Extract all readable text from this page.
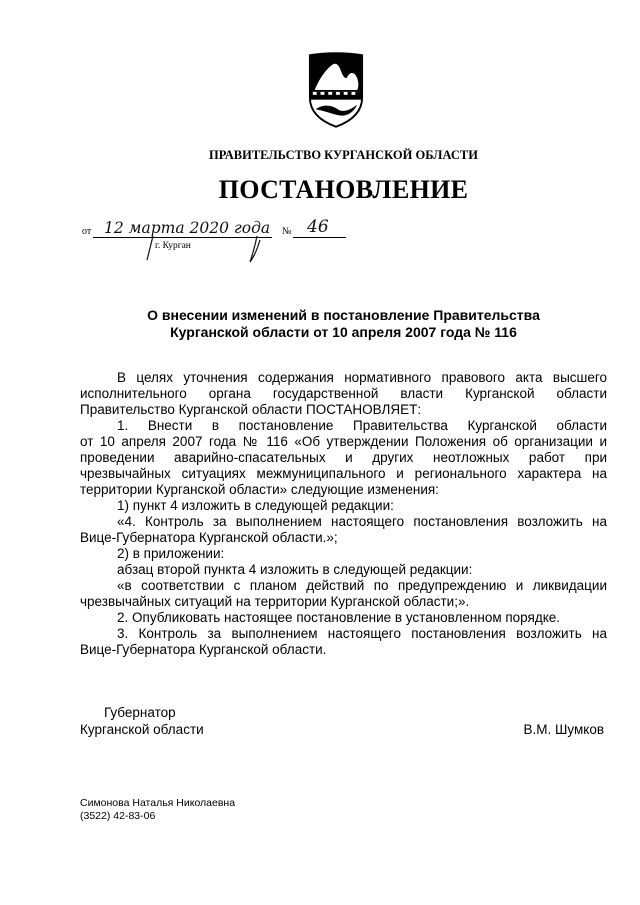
ПРАВИТЕЛЬСТВО КУРГАНСКОЙ ОБЛАСТИ
ПОСТАНОВЛЕНИЕ
от 12 марта 2020 года № 46
г. Курган
О внесении изменений в постановление Правительства
Курганской области от 10 апреля 2007 года № 116
В целях уточнения содержания нормативного правового акта высшего
исполнительного органа государственной власти Курганской области
Правительство Курганской области ПОСТАНОВЛЯЕТ:
1. Внести в постановление Правительства Курганской области
от 10 апреля 2007 года № 116 «Об утверждении Положения об организации и
проведении аварийно-спасательных и других неотложных работ при
чрезвычайных ситуациях межмуниципального и регионального характера на
территории Курганской области» следующие изменения:
1) пункт 4 изложить в следующей редакции:
«4. Контроль за выполнением настоящего постановления возложить на
Вице-Губернатора Курганской области.»;
2) в приложении:
абзац второй пункта 4 изложить в следующей редакции:
«в соответствии с планом действий по предупреждению и ликвидации
чрезвычайных ситуаций на территории Курганской области;».
2. Опубликовать настоящее постановление в установленном порядке.
3. Контроль за выполнением настоящего постановления возложить на
Вице-Губернатора Курганской области.
Губернатор
Курганской области	В.М. Шумков
Симонова Наталья Николаевна
(3522) 42-83-06
